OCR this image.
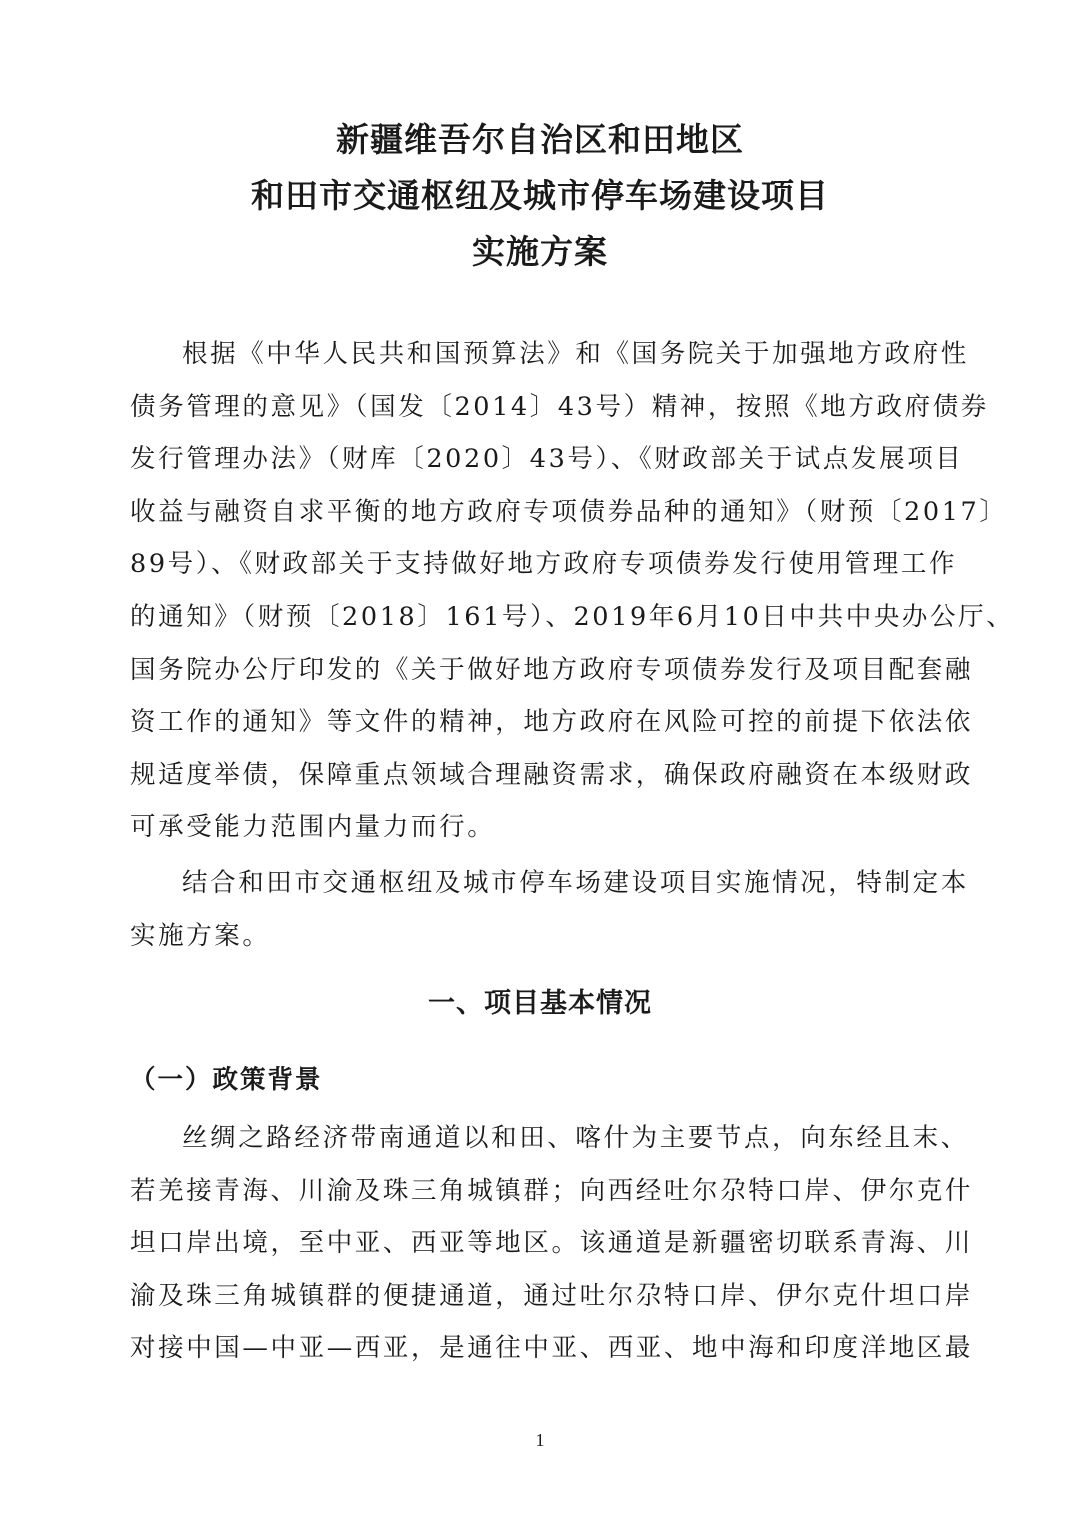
新疆维吾尔自治区和田地区
和田市交通枢纽及城市停车场建设项目
实施方案
根据《中华人民共和国预算法》和《国务院关于加强地方政府性
债务管理的意见》（国发〔2014〕43号）精神，按照《地方政府债券
发行管理办法》（财库〔2020〕43号）、《财政部关于试点发展项目
收益与融资自求平衡的地方政府专项债券品种的通知》（财预〔2017〕
89号）、《财政部关于支持做好地方政府专项债券发行使用管理工作
的通知》（财预〔2018〕161号）、2019年6月10日中共中央办公厅、
国务院办公厅印发的《关于做好地方政府专项债券发行及项目配套融
资工作的通知》等文件的精神，地方政府在风险可控的前提下依法依
规适度举债，保障重点领域合理融资需求，确保政府融资在本级财政
可承受能力范围内量力而行。
结合和田市交通枢纽及城市停车场建设项目实施情况，特制定本
实施方案。
一、项目基本情况
（一）政策背景
丝绸之路经济带南通道以和田、喀什为主要节点，向东经且末、
若羌接青海、川渝及珠三角城镇群；向西经吐尔尕特口岸、伊尔克什
坦口岸出境，至中亚、西亚等地区。该通道是新疆密切联系青海、川
渝及珠三角城镇群的便捷通道，通过吐尔尕特口岸、伊尔克什坦口岸
对接中国—中亚—西亚，是通往中亚、西亚、地中海和印度洋地区最
1
